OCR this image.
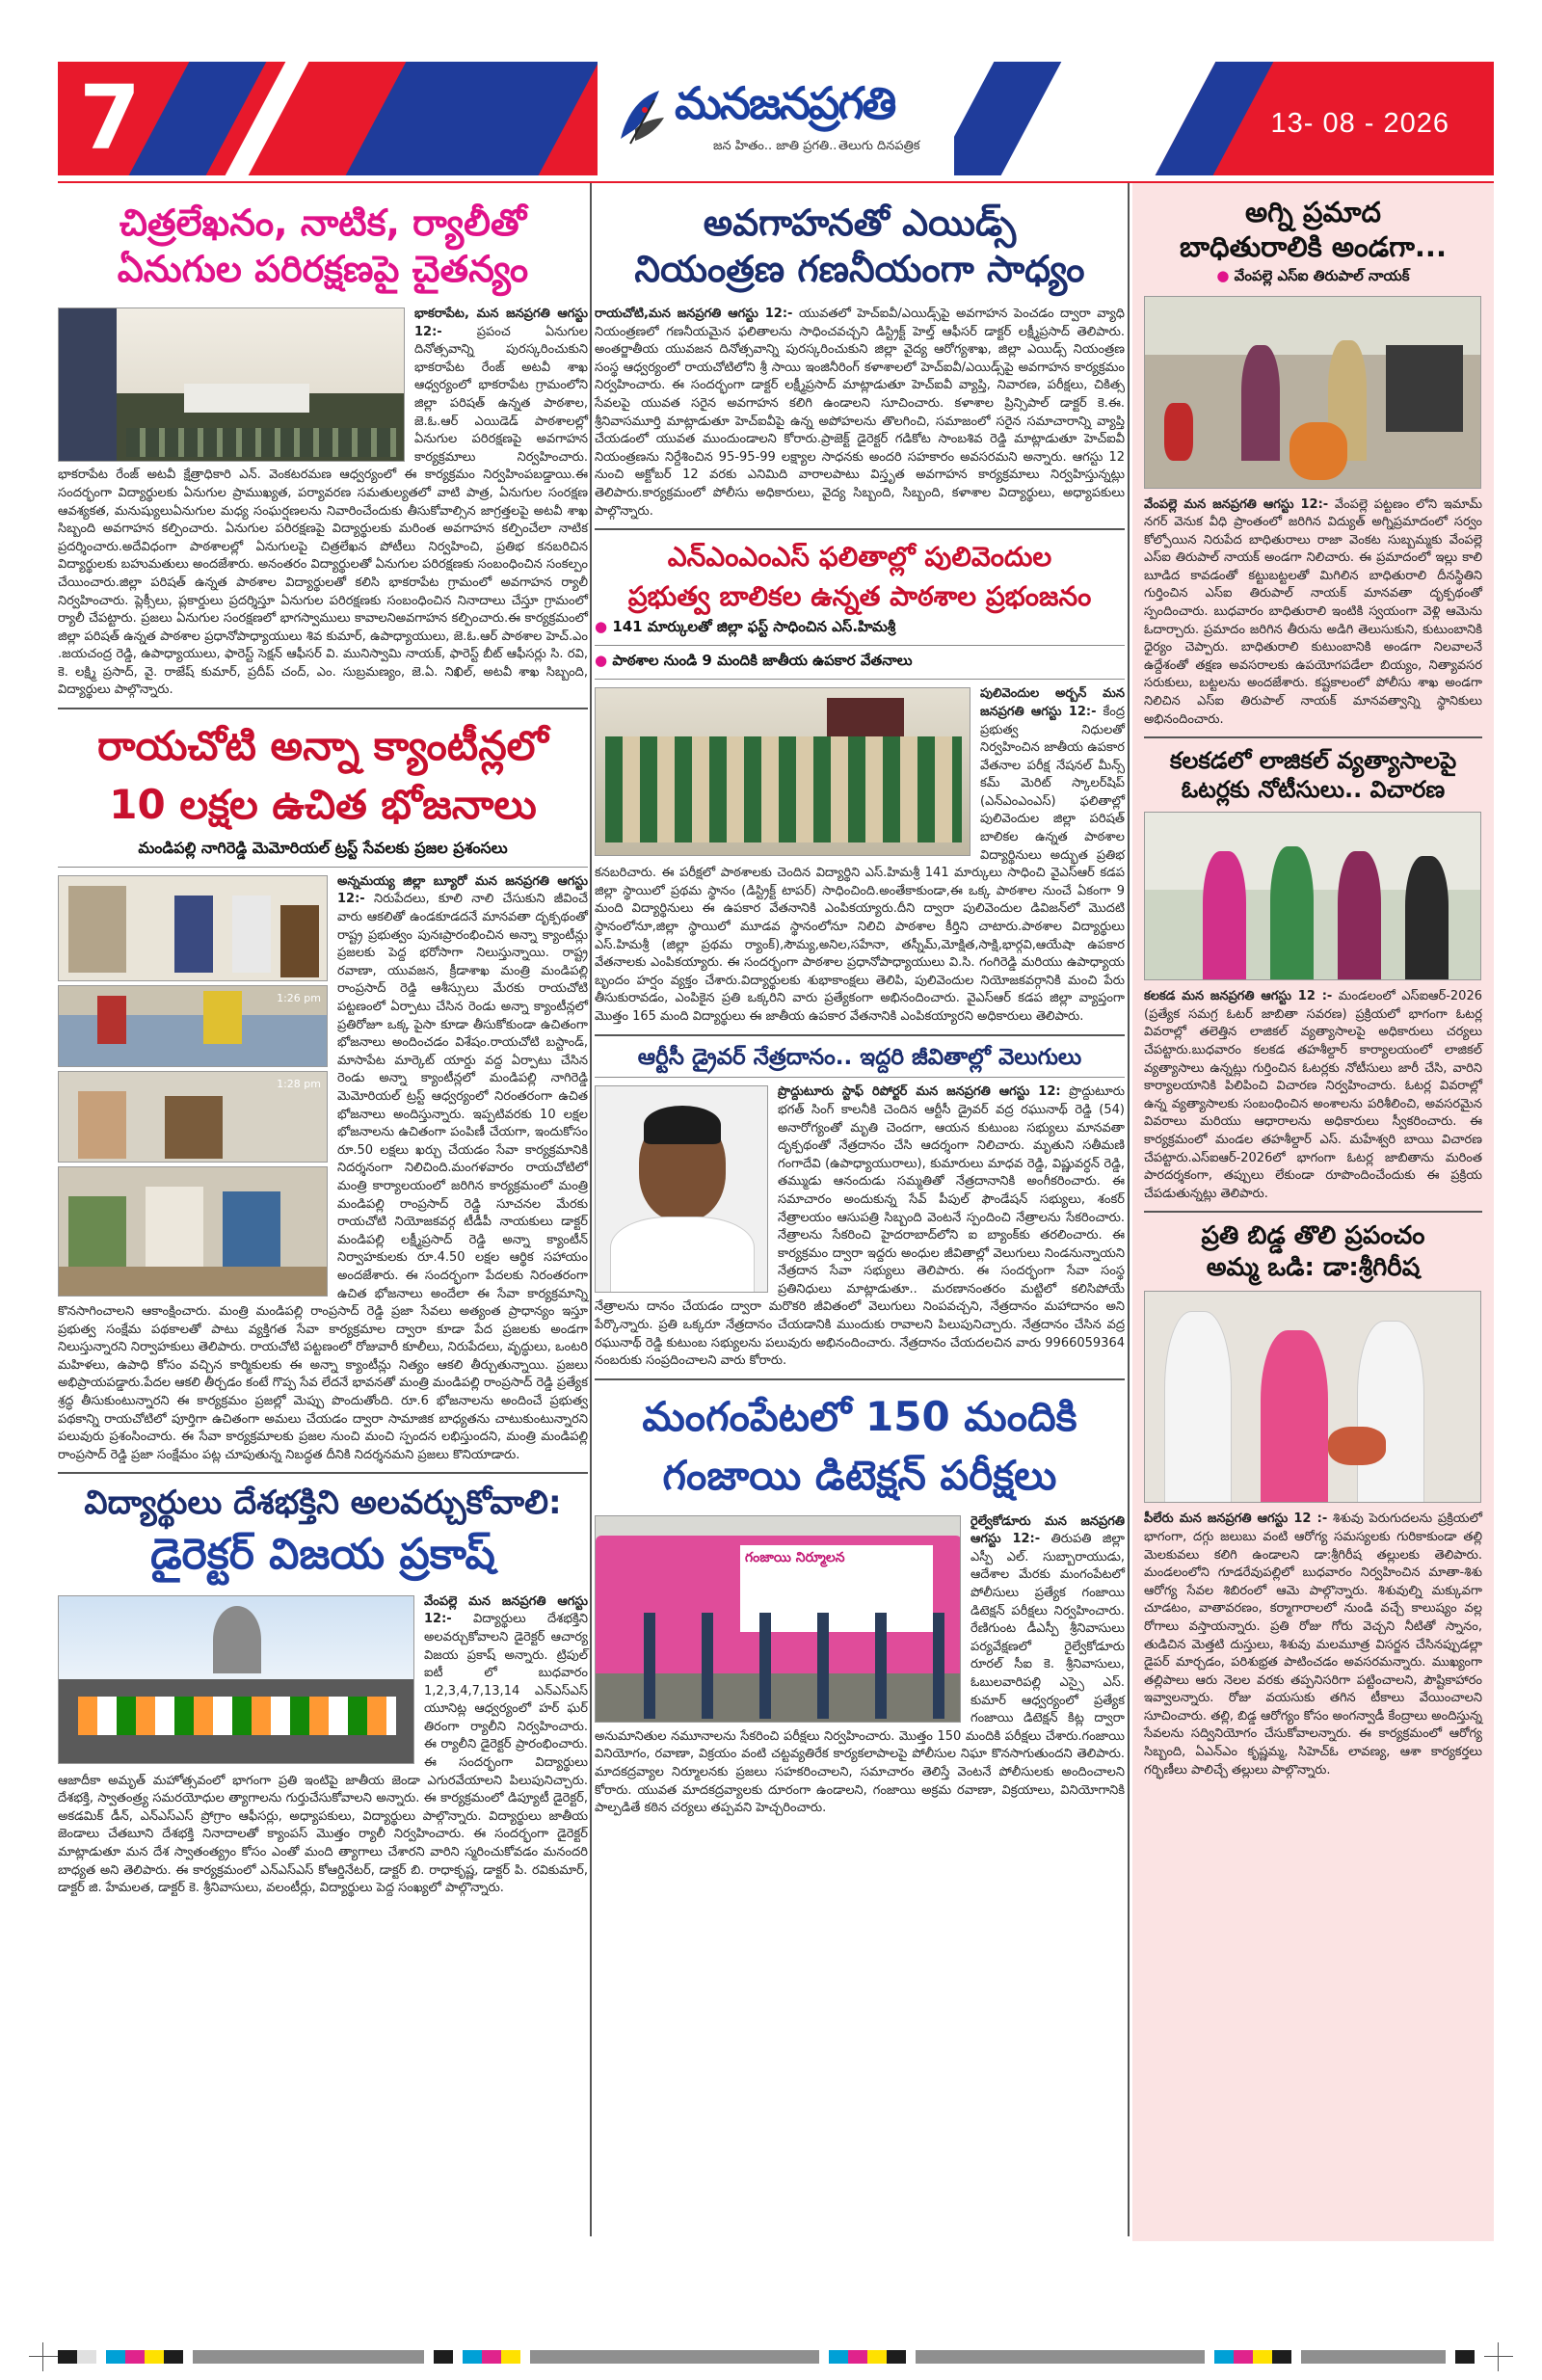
7	మనజనప్రగతి
జన హితం.. జాతి ప్రగతి.. తెలుగు దినపత్రిక
13- 08 - 2026
చిత్రలేఖనం, నాటిక, ర్యాలీతో
ఏనుగుల పరిరక్షణపై చైతన్యం
భాకరాపేట, మన జనప్రగతి ఆగస్టు 12:-	ప్రపంచ ఏనుగుల దినోత్సవాన్ని పురస్కరించుకుని భాకరాపేట రేంజ్ అటవీ శాఖ ఆధ్వర్యంలో భాకరాపేట గ్రామంలోని జిల్లా పరిషత్ ఉన్నత పాఠశాల, జె.ఓ.ఆర్ ఎయిడెడ్ పాఠశాలల్లో ఏనుగుల పరిరక్షణపై అవగాహన కార్యక్రమాలు నిర్వహించారు. భాకరాపేట రేంజ్ అటవీ క్షేత్రాధికారి ఎన్. వెంకటరమణ ఆధ్వర్యంలో ఈ కార్యక్రమం నిర్వహింపబడ్డాయి.ఈ సందర్భంగా విద్యార్థులకు ఏనుగుల ప్రాముఖ్యత, పర్యావరణ సమతుల్యతలో వాటి పాత్ర, ఏనుగుల సంరక్షణ ఆవశ్యకత, మనుష్యులుఏనుగుల మధ్య సంఘర్షణలను నివారించేందుకు తీసుకోవాల్సిన జాగ్రత్తలపై అటవీ శాఖ సిబ్బంది అవగాహన కల్పించారు. ఏనుగుల పరిరక్షణపై విద్యార్థులకు మరింత అవగాహన కల్పించేలా నాటిక ప్రదర్శించారు.అదేవిధంగా పాఠశాలల్లో ఏనుగులపై చిత్రలేఖన పోటీలు నిర్వహించి, ప్రతిభ కనబరిచిన విద్యార్థులకు బహుమతులు అందజేశారు. అనంతరం విద్యార్థులతో ఏనుగుల పరిరక్షణకు సంబంధించిన సంకల్పం చేయించారు.జిల్లా పరిషత్ ఉన్నత పాఠశాల విద్యార్థులతో కలిసి భాకరాపేట గ్రామంలో అవగాహన ర్యాలీ నిర్వహించారు. ప్లెక్సీలు, ప్లకార్డులు ప్రదర్శిస్తూ ఏనుగుల పరిరక్షణకు సంబంధించిన నినాదాలు చేస్తూ గ్రామంలో ర్యాలీ చేపట్టారు. ప్రజలు ఏనుగుల సంరక్షణలో భాగస్వాములు కావాలనిఅవగాహన కల్పించారు.ఈ కార్యక్రమంలో జిల్లా పరిషత్ ఉన్నత పాఠశాల ప్రధానోపాధ్యాయులు శివ కుమార్, ఉపాధ్యాయులు, జె.ఓ.ఆర్ పాఠశాల హెచ్.ఎం .జయచంద్ర రెడ్డి, ఉపాధ్యాయులు, ఫారెస్ట్ సెక్షన్ ఆఫీసర్ వి. మునిస్వామి నాయక్, ఫారెస్ట్ బీట్ ఆఫీసర్లు సి. రవి, కె. లక్ష్మి ప్రసాద్, వై. రాజేష్ కుమార్, ప్రదీప్ చంద్, ఎం. సుబ్రమణ్యం, జె.ఏ. నిఖిల్, అటవీ శాఖ సిబ్బంది, విద్యార్థులు పాల్గొన్నారు.
రాయచోటి అన్నా క్యాంటీన్లలో
10 లక్షల ఉచిత భోజనాలు
మండిపల్లి నాగిరెడ్డి మెమోరియల్ ట్రస్ట్ సేవలకు ప్రజల ప్రశంసలు
1:26 pm
1:28 pm
అన్నమయ్య జిల్లా బ్యూరో మన జనప్రగతి ఆగస్టు 12:- నిరుపేదలు, కూలి నాలి చేసుకుని జీవించే వారు ఆకలితో ఉండకూడదనే మానవతా దృక్పథంతో రాష్ట్ర ప్రభుత్వం పునఃప్రారంభించిన అన్నా క్యాంటీన్లు ప్రజలకు పెద్ద భరోసాగా నిలుస్తున్నాయి. రాష్ట్ర రవాణా, యువజన, క్రీడాశాఖ మంత్రి మండిపల్లి రాంప్రసాద్ రెడ్డి ఆశీస్సులు మేరకు రాయచోటి పట్టణంలో ఏర్పాటు చేసిన రెండు అన్నా క్యాంటీన్లలో ప్రతిరోజూ ఒక్క పైసా కూడా తీసుకోకుండా ఉచితంగా భోజనాలు అందించడం విశేషం.రాయచోటి బస్టాండ్, మాసాపేట మార్కెట్ యార్డు వద్ద ఏర్పాటు చేసిన రెండు అన్నా క్యాంటీన్లలో మండిపల్లి నాగిరెడ్డి మెమోరియల్ ట్రస్ట్ ఆధ్వర్యంలో నిరంతరంగా ఉచిత భోజనాలు అందిస్తున్నారు. ఇప్పటివరకు 10 లక్షల భోజనాలను ఉచితంగా పంపిణీ చేయగా, ఇందుకోసం రూ.50 లక్షలు ఖర్చు చేయడం సేవా కార్యక్రమానికి నిదర్శనంగా నిలిచింది.మంగళవారం రాయచోటిలో మంత్రి కార్యాలయంలో జరిగిన కార్యక్రమంలో మంత్రి మండిపల్లి రాంప్రసాద్ రెడ్డి సూచనల మేరకు రాయచోటి నియోజకవర్గ టీడీపీ నాయకులు డాక్టర్ మండిపల్లి లక్ష్మీప్రసాద్ రెడ్డి అన్నా క్యాంటీన్ నిర్వాహకులకు రూ.4.50 లక్షల ఆర్థిక సహాయం అందజేశారు. ఈ సందర్భంగా పేదలకు నిరంతరంగా ఉచిత భోజనాలు అందేలా ఈ సేవా కార్యక్రమాన్ని కొనసాగించాలని ఆకాంక్షించారు. మంత్రి మండిపల్లి రాంప్రసాద్ రెడ్డి ప్రజా సేవలు అత్యంత ప్రాధాన్యం ఇస్తూ ప్రభుత్వ సంక్షేమ పథకాలతో పాటు వ్యక్తిగత సేవా కార్యక్రమాల ద్వారా కూడా పేద ప్రజలకు అండగా నిలుస్తున్నారని నిర్వాహకులు తెలిపారు. రాయచోటి పట్టణంలో రోజువారీ కూలీలు, నిరుపేదలు, వృద్ధులు, ఒంటరి మహిళలు, ఉపాధి కోసం వచ్చిన కార్మికులకు ఈ అన్నా క్యాంటీన్లు నిత్యం ఆకలి తీర్చుతున్నాయి. ప్రజలు అభిప్రాయపడ్డారు.పేదల ఆకలి తీర్చడం కంటే గొప్ప సేవ లేదనే భావనతో మంత్రి మండిపల్లి రాంప్రసాద్ రెడ్డి ప్రత్యేక శ్రద్ధ తీసుకుంటున్నారని ఈ కార్యక్రమం ప్రజల్లో మెప్పు పొందుతోంది. రూ.6 భోజనాలను అందించే ప్రభుత్వ పథకాన్ని రాయచోటిలో పూర్తిగా ఉచితంగా అమలు చేయడం ద్వారా సామాజిక బాధ్యతను చాటుకుంటున్నారని పలువురు ప్రశంసించారు. ఈ సేవా కార్యక్రమాలకు ప్రజల నుంచి మంచి స్పందన లభిస్తుందని, మంత్రి మండిపల్లి రాంప్రసాద్ రెడ్డి ప్రజా సంక్షేమం పట్ల చూపుతున్న నిబద్ధత దీనికి నిదర్శనమని ప్రజలు కొనియాడారు.
విద్యార్థులు దేశభక్తిని అలవర్చుకోవాలి:
డైరెక్టర్ విజయ ప్రకాష్
వేంపల్లె మన జనప్రగతి ఆగస్టు 12:- విద్యార్థులు దేశభక్తిని అలవర్చుకోవాలని డైరెక్టర్ ఆచార్య విజయ ప్రకాష్ అన్నారు. ట్రిపుల్ ఐటీ లో బుధవారం 1,2,3,4,7,13,14 ఎన్ఎస్ఎస్ యూనిట్ల ఆధ్వర్యంలో హర్ ఘర్ తిరంగా ర్యాలీని నిర్వహించారు. ఈ ర్యాలీని డైరెక్టర్ ప్రారంభించారు. ఈ సందర్భంగా విద్యార్థులు ఆజాదీకా అమృత్ మహోత్సవంలో భాగంగా ప్రతి ఇంటిపై జాతీయ జెండా ఎగురవేయాలని పిలుపునిచ్చారు. దేశభక్తి, స్వాతంత్ర్య సమరయోధుల త్యాగాలను గుర్తుచేసుకోవాలని అన్నారు. ఈ కార్యక్రమంలో డిప్యూటీ డైరెక్టర్, అకడమిక్ డీన్, ఎన్ఎస్ఎస్ ప్రోగ్రాం ఆఫీసర్లు, అధ్యాపకులు, విద్యార్థులు పాల్గొన్నారు. విద్యార్థులు జాతీయ జెండాలు చేతబూని దేశభక్తి నినాదాలతో క్యాంపస్ మొత్తం ర్యాలీ నిర్వహించారు. ఈ సందర్భంగా డైరెక్టర్ మాట్లాడుతూ మన దేశ స్వాతంత్య్రం కోసం ఎంతో మంది త్యాగాలు చేశారని వారిని స్మరించుకోవడం మనందరి బాధ్యత అని తెలిపారు. ఈ కార్యక్రమంలో ఎన్ఎస్ఎస్ కోఆర్డినేటర్, డాక్టర్ బి. రాధాకృష్ణ, డాక్టర్ పి. రవికుమార్, డాక్టర్ జి. హేమలత, డాక్టర్ కె. శ్రీనివాసులు, వలంటీర్లు, విద్యార్థులు పెద్ద సంఖ్యలో పాల్గొన్నారు.
అవగాహనతో ఎయిడ్స్
నియంత్రణ గణనీయంగా సాధ్యం
రాయచోటి,మన జనప్రగతి ఆగస్టు 12:- యువతలో హెచ్ఐవీ/ఎయిడ్స్‌పై అవగాహన పెంచడం ద్వారా వ్యాధి నియంత్రణలో గణనీయమైన ఫలితాలను సాధించవచ్చని డిస్ట్రిక్ట్ హెల్త్ ఆఫీసర్ డాక్టర్ లక్ష్మీప్రసాద్ తెలిపారు. అంతర్జాతీయ యువజన దినోత్సవాన్ని పురస్కరించుకుని జిల్లా వైద్య ఆరోగ్యశాఖ, జిల్లా ఎయిడ్స్ నియంత్రణ సంస్థ ఆధ్వర్యంలో రాయచోటిలోని శ్రీ సాయి ఇంజినీరింగ్ కళాశాలలో హెచ్ఐవీ/ఎయిడ్స్‌పై అవగాహన కార్యక్రమం నిర్వహించారు. ఈ సందర్భంగా డాక్టర్ లక్ష్మీప్రసాద్ మాట్లాడుతూ హెచ్ఐవీ వ్యాప్తి, నివారణ, పరీక్షలు, చికిత్స సేవలపై యువత సరైన అవగాహన కలిగి ఉండాలని సూచించారు. కళాశాల ప్రిన్సిపాల్ డాక్టర్ కె.ఈ. శ్రీనివాసమూర్తి మాట్లాడుతూ హెచ్ఐవీపై ఉన్న అపోహలను తొలగించి, సమాజంలో సరైన సమాచారాన్ని వ్యాప్తి చేయడంలో యువత ముందుండాలని కోరారు.ప్రాజెక్ట్ డైరెక్టర్ గడికోట సాంబశివ రెడ్డి మాట్లాడుతూ హెచ్ఐవీ నియంత్రణను నిర్దేశించిన 95-95-99 లక్ష్యాల సాధనకు అందరి సహకారం అవసరమని అన్నారు. ఆగస్టు 12 నుంచి అక్టోబర్ 12 వరకు ఎనిమిది వారాలపాటు విస్తృత అవగాహన కార్యక్రమాలు నిర్వహిస్తున్నట్లు తెలిపారు.కార్యక్రమంలో పోలీసు అధికారులు, వైద్య సిబ్బంది, సిబ్బంది, కళాశాల విద్యార్థులు, అధ్యాపకులు పాల్గొన్నారు.
ఎన్ఎంఎంఎస్ ఫలితాల్లో పులివెందుల
ప్రభుత్వ బాలికల ఉన్నత పాఠశాల ప్రభంజనం
● 141 మార్కులతో జిల్లా ఫస్ట్ సాధించిన ఎస్.హిమశ్రీ
● పాఠశాల నుండి 9 మందికి జాతీయ ఉపకార వేతనాలు
పులివెందుల అర్బన్ మన జనప్రగతి ఆగస్టు 12:- కేంద్ర ప్రభుత్వ నిధులతో నిర్వహించిన జాతీయ ఉపకార వేతనాల పరీక్ష నేషనల్ మీన్స్ కమ్ మెరిట్ స్కాలర్‌షిప్ (ఎన్ఎంఎంఎస్) ఫలితాల్లో పులివెందుల జిల్లా పరిషత్ బాలికల ఉన్నత పాఠశాల విద్యార్థినులు అద్భుత ప్రతిభ కనబరిచారు. ఈ పరీక్షలో పాఠశాలకు చెందిన విద్యార్థిని ఎస్.హిమశ్రీ 141 మార్కులు సాధించి వైఎస్ఆర్ కడప జిల్లా స్థాయిలో ప్రథమ స్థానం (డిస్ట్రిక్ట్ టాపర్) సాధించింది.అంతేకాకుండా,ఈ ఒక్క పాఠశాల నుంచే ఏకంగా 9 మంది విద్యార్థినులు ఈ ఉపకార వేతనానికి ఎంపికయ్యారు.దీని ద్వారా పులివెందుల డివిజన్‌లో మొదటి స్థానంలోనూ,జిల్లా స్థాయిలో మూడవ స్థానంలోనూ నిలిచి పాఠశాల కీర్తిని చాటారు.పాఠశాల విద్యార్థులు ఎస్.హిమశ్రీ (జిల్లా ప్రథమ ర్యాంక్),సౌమ్య,అనిల,సహేనా, తస్నీమ్,మోక్షిత,సాక్షి,భార్గవి,ఆయేషా ఉపకార వేతనాలకు ఎంపికయ్యారు. ఈ సందర్భంగా పాఠశాల ప్రధానోపాధ్యాయులు వి.సి. గంగిరెడ్డి మరియు ఉపాధ్యాయ బృందం హర్షం వ్యక్తం చేశారు.విద్యార్థులకు శుభాకాంక్షలు తెలిపి, పులివెందుల నియోజకవర్గానికి మంచి పేరు తీసుకురావడం, ఎంపికైన ప్రతి ఒక్కరిని వారు ప్రత్యేకంగా అభినందించారు. వైఎస్ఆర్ కడప జిల్లా వ్యాప్తంగా మొత్తం 165 మంది విద్యార్థులు ఈ జాతీయ ఉపకార వేతనానికి ఎంపికయ్యారని అధికారులు తెలిపారు.
ఆర్టీసీ డ్రైవర్ నేత్రదానం.. ఇద్దరి జీవితాల్లో వెలుగులు
ప్రొద్దుటూరు స్టాఫ్ రిపోర్టర్ మన జనప్రగతి ఆగస్టు 12: ప్రొద్దుటూరు భగత్ సింగ్ కాలనీకి చెందిన ఆర్టీసీ డ్రైవర్ వద్ర రఘునాథ్ రెడ్డి (54) అనారోగ్యంతో మృతి చెందగా, ఆయన కుటుంబ సభ్యులు మానవతా దృక్పథంతో నేత్రదానం చేసి ఆదర్శంగా నిలిచారు. మృతుని సతీమణి గంగాదేవి (ఉపాధ్యాయురాలు), కుమారులు మాధవ రెడ్డి, విష్ణువర్ధన్ రెడ్డి, తమ్ముడు ఆనందుడు సమ్మతితో నేత్రదానానికి అంగీకరించారు. ఈ సమాచారం అందుకున్న సేవ్ పీపుల్ ఫౌండేషన్ సభ్యులు, శంకర్ నేత్రాలయం ఆసుపత్రి సిబ్బంది వెంటనే స్పందించి నేత్రాలను సేకరించారు. నేత్రాలను సేకరించి హైదరాబాద్‌లోని ఐ బ్యాంక్‌కు తరలించారు. ఈ కార్యక్రమం ద్వారా ఇద్దరు అంధుల జీవితాల్లో వెలుగులు నిండనున్నాయని నేత్రదాన సేవా సభ్యులు తెలిపారు. ఈ సందర్భంగా సేవా సంస్థ ప్రతినిధులు మాట్లాడుతూ.. మరణానంతరం మట్టిలో కలిసిపోయే నేత్రాలను దానం చేయడం ద్వారా మరొకరి జీవితంలో వెలుగులు నింపవచ్చని, నేత్రదానం మహాదానం అని పేర్కొన్నారు. ప్రతి ఒక్కరూ నేత్రదానం చేయడానికి ముందుకు రావాలని పిలుపునిచ్చారు. నేత్రదానం చేసిన వద్ర రఘునాథ్ రెడ్డి కుటుంబ సభ్యులను పలువురు అభినందించారు. నేత్రదానం చేయదలచిన వారు 9966059364 నంబరుకు సంప్రదించాలని వారు కోరారు.
మంగంపేటలో 150 మందికి
గంజాయి డిటెక్షన్ పరీక్షలు
గంజాయి నిర్మూలన
రైల్వేకోడూరు మన జనప్రగతి ఆగస్టు 12:- తిరుపతి జిల్లా ఎస్పీ ఎల్. సుబ్బారాయుడు, ఆదేశాల మేరకు మంగంపేటలో పోలీసులు ప్రత్యేక గంజాయి డిటెక్షన్ పరీక్షలు నిర్వహించారు. రేణిగుంట డీఎస్పీ శ్రీనివాసులు పర్యవేక్షణలో రైల్వేకోడూరు రూరల్ సీఐ కె. శ్రీనివాసులు, ఓబులవారిపల్లి ఎస్సై ఎస్. కుమార్ ఆధ్వర్యంలో ప్రత్యేక గంజాయి డిటెక్షన్ కిట్ల ద్వారా అనుమానితుల నమూనాలను సేకరించి పరీక్షలు నిర్వహించారు. మొత్తం 150 మందికి పరీక్షలు చేశారు.గంజాయి వినియోగం, రవాణా, విక్రయం వంటి చట్టవ్యతిరేక కార్యకలాపాలపై పోలీసుల నిఘా కొనసాగుతుందని తెలిపారు. మాదకద్రవ్యాల నిర్మూలనకు ప్రజలు సహకరించాలని, సమాచారం తెలిస్తే వెంటనే పోలీసులకు అందించాలని కోరారు. యువత మాదకద్రవ్యాలకు దూరంగా ఉండాలని, గంజాయి అక్రమ రవాణా, విక్రయాలు, వినియోగానికి పాల్పడితే కఠిన చర్యలు తప్పవని హెచ్చరించారు.
అగ్ని ప్రమాద
బాధితురాలికి అండగా...
● వేంపల్లె ఎస్ఐ తిరుపాల్ నాయక్
వేంపల్లె మన జనప్రగతి ఆగస్టు 12:- వేంపల్లె పట్టణం లోని ఇమామ్ నగర్ వెనుక వీధి ప్రాంతంలో జరిగిన విద్యుత్ అగ్నిప్రమాదంలో సర్వం కోల్పోయిన నిరుపేద బాధితురాలు రాజా వెంకట సుబ్బమ్మకు వేంపల్లె ఎస్ఐ తిరుపాల్ నాయక్ అండగా నిలిచారు. ఈ ప్రమాదంలో ఇల్లు కాలి బూడిద కావడంతో కట్టుబట్టలతో మిగిలిన బాధితురాలి దీనస్థితిని గుర్తించిన ఎస్ఐ తిరుపాల్ నాయక్ మానవతా దృక్పథంతో స్పందించారు. బుధవారం బాధితురాలి ఇంటికి స్వయంగా వెళ్లి ఆమెను ఓదార్చారు. ప్రమాదం జరిగిన తీరును అడిగి తెలుసుకుని, కుటుంబానికి ధైర్యం చెప్పారు. బాధితురాలి కుటుంబానికి అండగా నిలవాలనే ఉద్దేశంతో తక్షణ అవసరాలకు ఉపయోగపడేలా బియ్యం, నిత్యావసర సరుకులు, బట్టలను అందజేశారు. కష్టకాలంలో పోలీసు శాఖ అండగా నిలిచిన ఎస్ఐ తిరుపాల్ నాయక్ మానవత్వాన్ని స్థానికులు అభినందించారు.
కలకడలో లాజికల్ వ్యత్యాసాలపై
ఓటర్లకు నోటీసులు.. విచారణ
కలకడ మన జనప్రగతి ఆగస్టు 12 :- మండలంలో ఎస్ఐఆర్-2026 (ప్రత్యేక సమగ్ర ఓటర్ జాబితా సవరణ) ప్రక్రియలో భాగంగా ఓటర్ల వివరాల్లో తలెత్తిన లాజికల్ వ్యత్యాసాలపై అధికారులు చర్యలు చేపట్టారు.బుధవారం కలకడ తహశీల్దార్ కార్యాలయంలో లాజికల్ వ్యత్యాసాలు ఉన్నట్లు గుర్తించిన ఓటర్లకు నోటీసులు జారీ చేసి, వారిని కార్యాలయానికి పిలిపించి విచారణ నిర్వహించారు. ఓటర్ల వివరాల్లో ఉన్న వ్యత్యాసాలకు సంబంధించిన అంశాలను పరిశీలించి, అవసరమైన వివరాలు మరియు ఆధారాలను అధికారులు స్వీకరించారు. ఈ కార్యక్రమంలో మండల తహశీల్దార్ ఎస్. మహేశ్వరి బాయి విచారణ చేపట్టారు.ఎస్ఐఆర్-2026లో భాగంగా ఓటర్ల జాబితాను మరింత పారదర్శకంగా, తప్పులు లేకుండా రూపొందించేందుకు ఈ ప్రక్రియ చేపడుతున్నట్లు తెలిపారు.
ప్రతి బిడ్డ తొలి ప్రపంచం
అమ్మ ఒడి: డా:శ్రీగిరీష
పీలేరు మన జనప్రగతి ఆగస్టు 12 :- శిశువు పెరుగుదలను ప్రక్రియలో భాగంగా, దగ్గు జలుబు వంటి ఆరోగ్య సమస్యలకు గురికాకుండా తల్లి మెలకువలు కలిగి ఉండాలని డా:శ్రీగిరీష తల్లులకు తెలిపారు. మండలంలోని గూడరేవుపల్లిలో బుధవారం నిర్వహించిన మాతా-శిశు ఆరోగ్య సేవల శిబిరంలో ఆమె పాల్గొన్నారు. శిశువుల్ని మక్కువగా చూడటం, వాతావరణం, కర్మాగారాలలో నుండి వచ్చే కాలుష్యం వల్ల రోగాలు వస్తాయన్నారు. ప్రతి రోజు గోరు వెచ్చని నీటితో స్నానం, తుడిచిన మెత్తటి దుస్తులు, శిశువు మలమూత్ర విసర్జన చేసినప్పుడల్లా డైపర్ మార్చడం, పరిశుభ్రత పాటించడం అవసరమన్నారు. ముఖ్యంగా తల్లిపాలు ఆరు నెలల వరకు తప్పనిసరిగా పట్టించాలని, పౌష్టికాహారం ఇవ్వాలన్నారు. రోజు వయసుకు తగిన టీకాలు వేయించాలని సూచించారు. తల్లి, బిడ్డ ఆరోగ్యం కోసం అంగన్వాడీ కేంద్రాలు అందిస్తున్న సేవలను సద్వినియోగం చేసుకోవాలన్నారు. ఈ కార్యక్రమంలో ఆరోగ్య సిబ్బంది, ఏఎన్ఎం కృష్ణమ్మ, సిహెచ్ఓ లావణ్య, ఆశా కార్యకర్తలు గర్భిణీలు పాలిచ్చే తల్లులు పాల్గొన్నారు.
